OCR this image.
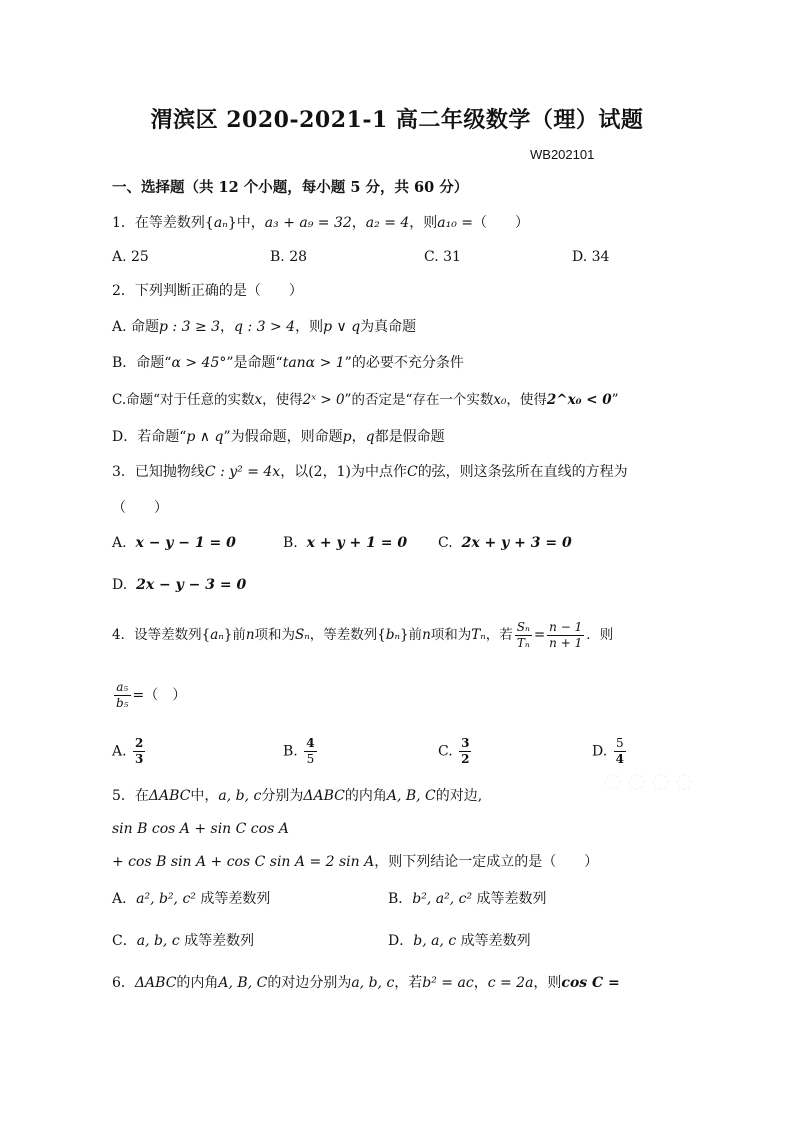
渭滨区 2020-2021-1 高二年级数学（理）试题
WB202101
一、选择题（共 12 个小题，每小题 5 分，共 60 分）
1．在等差数列{aₙ}中，a₃ + a₉ = 32，a₂ = 4，则a₁₀ =（　　）
A. 25	B. 28	C. 31	D. 34
2．下列判断正确的是（　　）
A. 命题p : 3 ≥ 3，q : 3 > 4，则p ∨ q为真命题
B．命题“α > 45°”是命题“tanα > 1”的必要不充分条件
C.命题“对于任意的实数x，使得2ˣ > 0”的否定是“存在一个实数x₀，使得2^x₀ < 0”
D．若命题“p ∧ q”为假命题，则命题p，q都是假命题
3．已知抛物线C : y² = 4x，以(2，1)为中点作C的弦，则这条弦所在直线的方程为
（　　）
A. x − y − 1 = 0	B. x + y + 1 = 0 C. 2x + y + 3 = 0
D. 2x − y − 3 = 0
4．设等差数列{aₙ}前n项和为Sₙ，等差数列{bₙ}前n项和为Tₙ，若 $\frac{\text{Sₙ}}{\text{Tₙ}} = \frac{n - 1}{n + 1}$ ．则
$\frac{\text{a₅}}{\text{b₅}}$ =（　）
A. $\frac{2}{3}$	B. $\frac{4}{5}$	C. $\frac{3}{2}$	D. $\frac{5}{4}$
5．在ΔABC中，a, b, c分别为ΔABC的内角A, B, C的对边,
sin B cos A + sin C cos A
+ cos B sin A + cos C sin A = 2 sin A，则下列结论一定成立的是（　　）
A．a², b², c² 成等差数列	B．b², a², c² 成等差数列
C．a, b, c 成等差数列	D．b, a, c 成等差数列
6．ΔABC的内角A, B, C的对边分别为a, b, c，若b² = ac，c = 2a，则cos C =
◌ ◌ ◌ ◌
